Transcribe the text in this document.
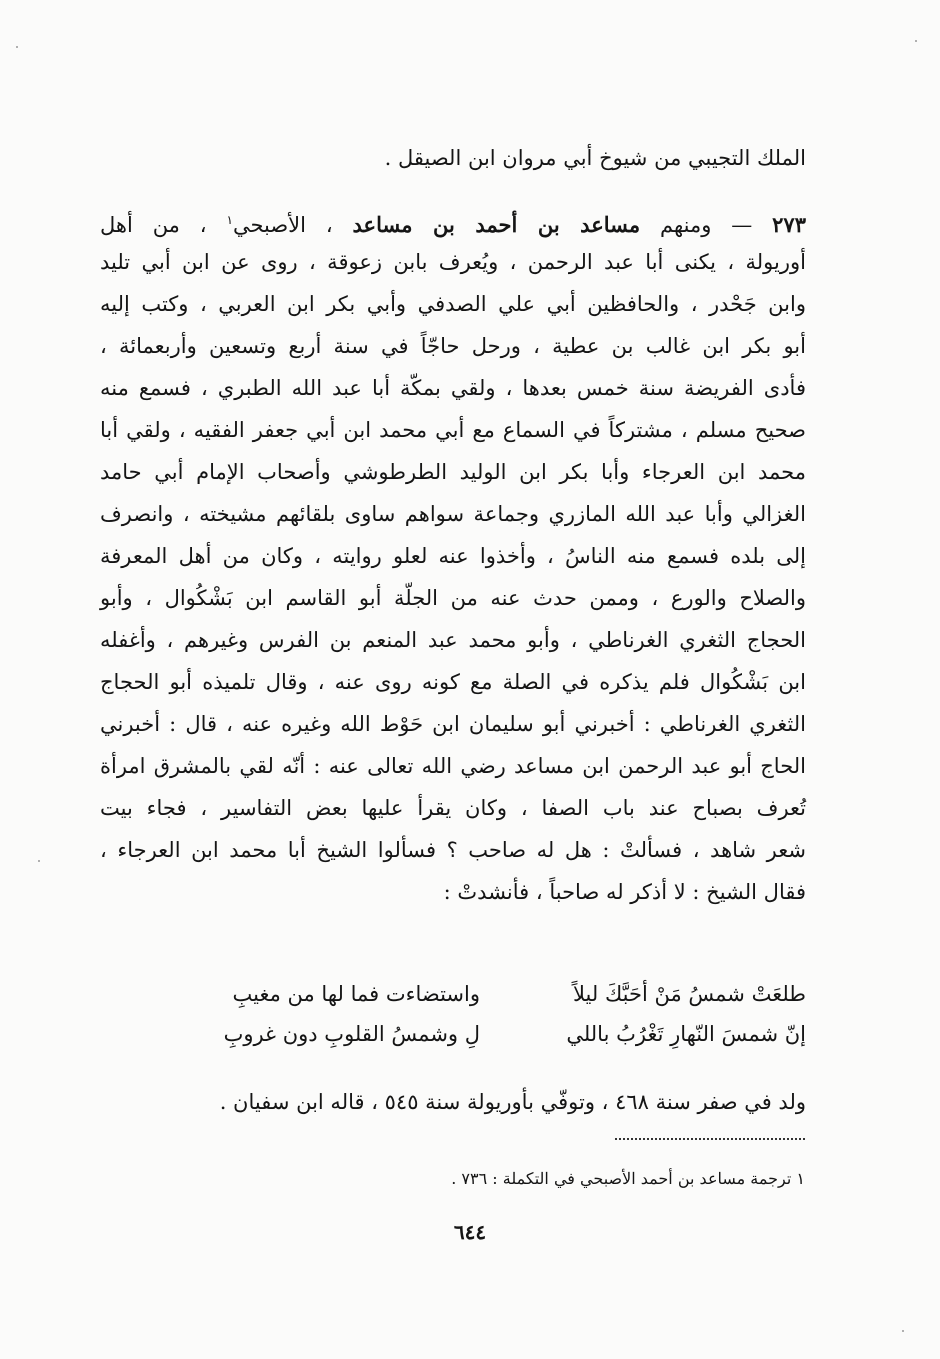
الملك التجيبي من شيوخ أبي مروان ابن الصيقل .
٢٧٣ — ومنهم مساعد بن أحمد بن مساعد ، الأصبحي$^١$ ، من أهل
أوريولة ، يكنى أبا عبد الرحمن ، ويُعرف بابن زعوقة ، روى عن ابن أبي تليد
وابن جَحْدر ، والحافظين أبي علي الصدفي وأبي بكر ابن العربي ، وكتب إليه
أبو بكر ابن غالب بن عطية ، ورحل حاجّاً في سنة أربع وتسعين وأربعمائة ،
فأدى الفريضة سنة خمس بعدها ، ولقي بمكّة أبا عبد الله الطبري ، فسمع منه
صحيح مسلم ، مشتركاً في السماع مع أبي محمد ابن أبي جعفر الفقيه ، ولقي أبا
محمد ابن العرجاء وأبا بكر ابن الوليد الطرطوشي وأصحاب الإمام أبي حامد
الغزالي وأبا عبد الله المازري وجماعة سواهم ساوى بلقائهم مشيخته ، وانصرف
إلى بلده فسمع منه الناسُ ، وأخذوا عنه لعلو روايته ، وكان من أهل المعرفة
والصلاح والورع ، وممن حدث عنه من الجلّة أبو القاسم ابن بَشْكُوال ، وأبو
الحجاج الثغري الغرناطي ، وأبو محمد عبد المنعم بن الفرس وغيرهم ، وأغفله
ابن بَشْكُوال فلم يذكره في الصلة مع كونه روى عنه ، وقال تلميذه أبو الحجاج
الثغري الغرناطي : أخبرني أبو سليمان ابن حَوْط الله وغيره عنه ، قال : أخبرني
الحاج أبو عبد الرحمن ابن مساعد رضي الله تعالى عنه : أنّه لقي بالمشرق امرأة
تُعرف بصباح عند باب الصفا ، وكان يقرأ عليها بعض التفاسير ، فجاء بيت
شعر شاهد ، فسألتْ : هل له صاحب ؟ فسألوا الشيخ أبا محمد ابن العرجاء ،
فقال الشيخ : لا أذكر له صاحباً ، فأنشدتْ :
طلعَتْ شمسُ مَنْ أحَبَّكَ ليلاً
واستضاءت فما لها من مغيبِ
إنّ شمسَ النّهارِ تَغْرُبُ باللي
لِ وشمسُ القلوبِ دون غروبِ
ولد في صفر سنة ٤٦٨ ، وتوفّي بأوريولة سنة ٥٤٥ ، قاله ابن سفيان .
١ ترجمة مساعد بن أحمد الأصبحي في التكملة : ٧٣٦ .
٦٤٤
